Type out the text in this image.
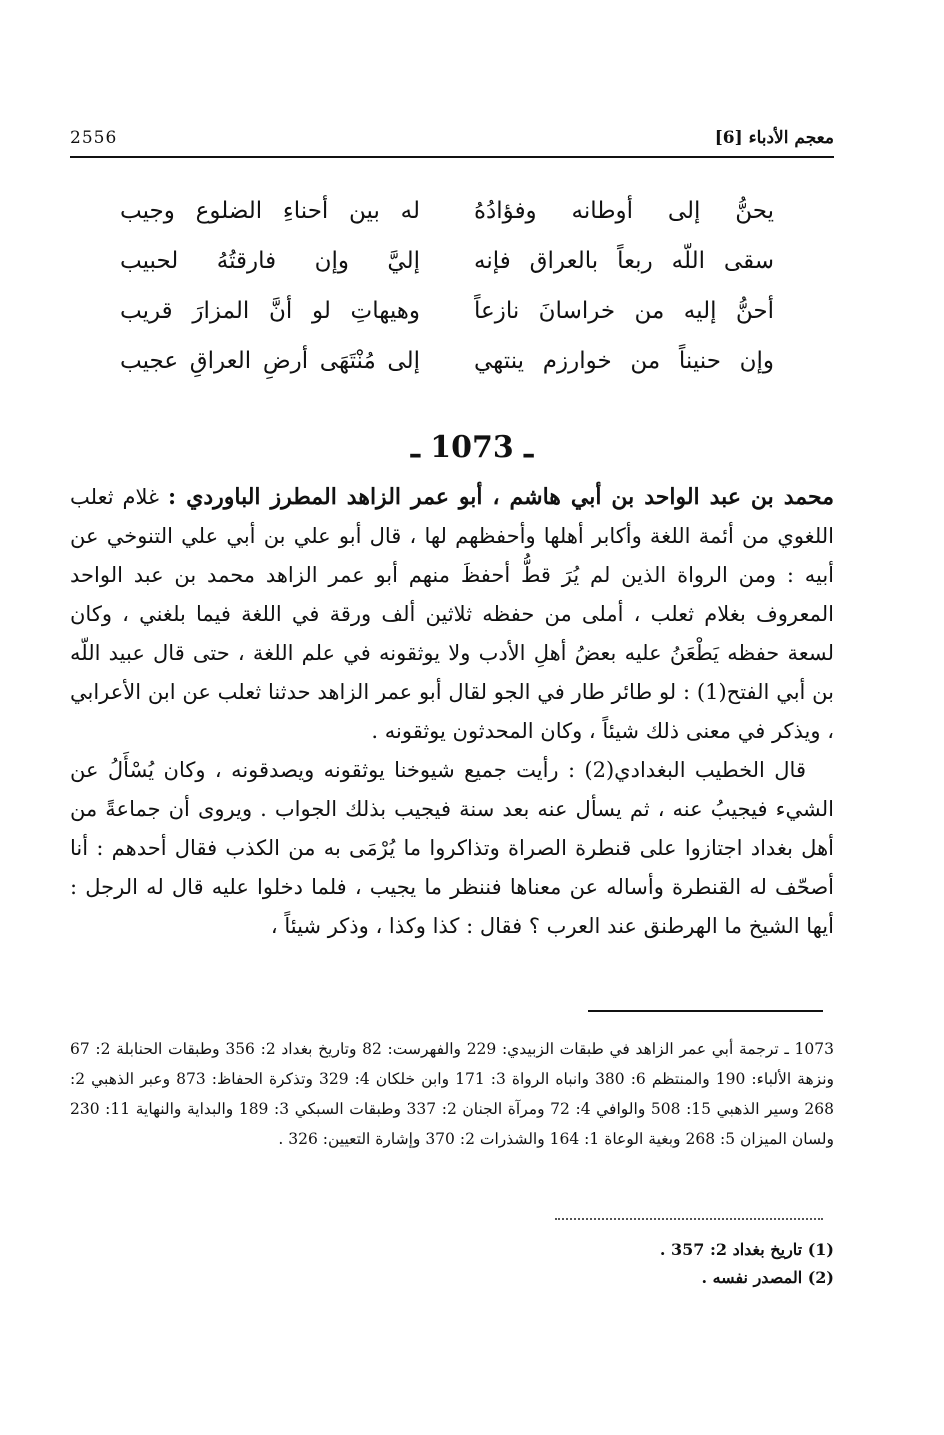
معجم الأدباء [6]
2556
يحنُّ إلى أوطانه وفؤادُهُ
له بين أحناءِ الضلوع وجيب
سقى اللّه ربعاً بالعراق فإنه
إليَّ وإن فارقتُهُ لحبيب
أحنُّ إليه من خراسانَ نازعاً
وهيهاتِ لو أنَّ المزارَ قريب
وإن حنيناً من خوارزم ينتهي
إلى مُنْتَهَى أرضِ العراقِ عجيب
ـ 1073 ـ

محمد بن عبد الواحد بن أبي هاشم ، أبو عمر الزاهد المطرز الباوردي : غلام ثعلب اللغوي من أئمة اللغة وأكابر أهلها وأحفظهم لها ، قال أبو علي بن أبي علي التنوخي عن أبيه : ومن الرواة الذين لم يُرَ قطُّ أحفظَ منهم أبو عمر الزاهد محمد بن عبد الواحد المعروف بغلام ثعلب ، أملى من حفظه ثلاثين ألف ورقة في اللغة فيما بلغني ، وكان لسعة حفظه يَطْعَنُ عليه بعضُ أهلِ الأدب ولا يوثقونه في علم اللغة ، حتى قال عبيد اللّه بن أبي الفتح(1) : لو طائر طار في الجو لقال أبو عمر الزاهد حدثنا ثعلب عن ابن الأعرابي ، ويذكر في معنى ذلك شيئاً ، وكان المحدثون يوثقونه .

قال الخطيب البغدادي(2) : رأيت جميع شيوخنا يوثقونه ويصدقونه ، وكان يُسْأَلُ عن الشيء فيجيبُ عنه ، ثم يسأل عنه بعد سنة فيجيب بذلك الجواب . ويروى أن جماعةً من أهل بغداد اجتازوا على قنطرة الصراة وتذاكروا ما يُرْمَى به من الكذب فقال أحدهم : أنا أصحّف له القنطرة وأساله عن معناها فننظر ما يجيب ، فلما دخلوا عليه قال له الرجل : أيها الشيخ ما الهرطنق عند العرب ؟ فقال : كذا وكذا ، وذكر شيئاً ،

1073 ـ ترجمة أبي عمر الزاهد في طبقات الزبيدي: 229 والفهرست: 82 وتاريخ بغداد 2: 356 وطبقات الحنابلة 2: 67 ونزهة الألباء: 190 والمنتظم 6: 380 وانباه الرواة 3: 171 وابن خلكان 4: 329 وتذكرة الحفاظ: 873 وعبر الذهبي 2: 268 وسير الذهبي 15: 508 والوافي 4: 72 ومرآة الجنان 2: 337 وطبقات السبكي 3: 189 والبداية والنهاية 11: 230 ولسان الميزان 5: 268 وبغية الوعاة 1: 164 والشذرات 2: 370 وإشارة التعيين: 326 .

(1) تاريخ بغداد 2: 357 .

(2) المصدر نفسه .
